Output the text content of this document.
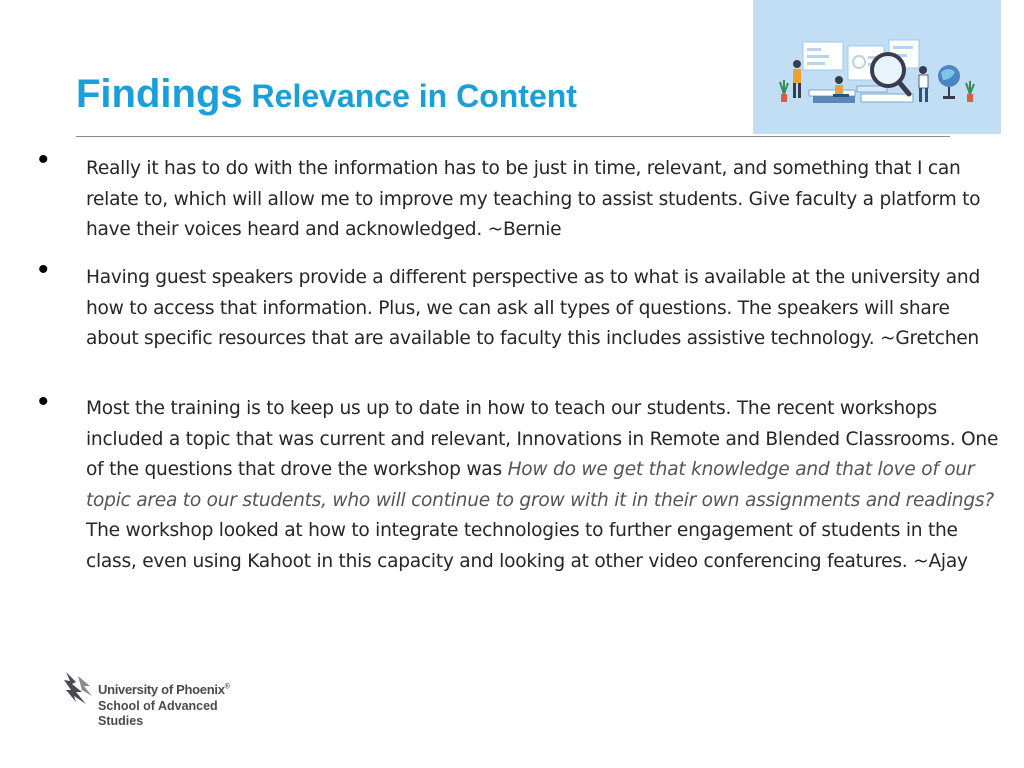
Findings Relevance in Content
• Really it has to do with the information has to be just in time, relevant, and something that I can relate to, which will allow me to improve my teaching to assist students. Give faculty a platform to have their voices heard and acknowledged. ~Bernie

• Having guest speakers provide a different perspective as to what is available at the university and how to access that information. Plus, we can ask all types of questions. The speakers will share about specific resources that are available to faculty this includes assistive technology. ~Gretchen

• Most the training is to keep us up to date in how to teach our students. The recent workshops included a topic that was current and relevant, Innovations in Remote and Blended Classrooms. One of the questions that drove the workshop was How do we get that knowledge and that love of our topic area to our students, who will continue to grow with it in their own assignments and readings? The workshop looked at how to integrate technologies to further engagement of students in the class, even using Kahoot in this capacity and looking at other video conferencing features. ~Ajay

University of Phoenix®
School of Advanced
Studies
